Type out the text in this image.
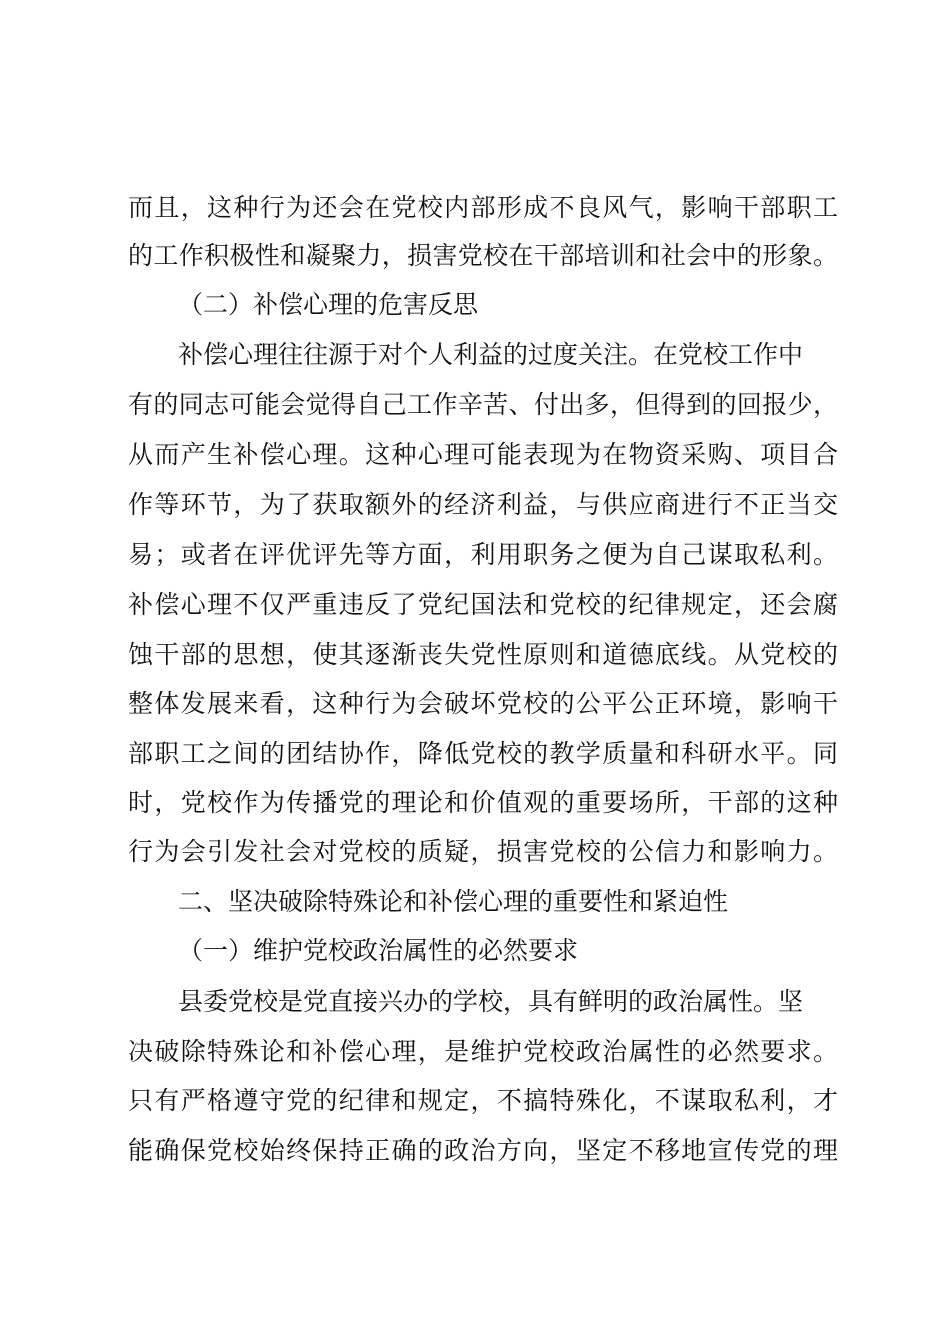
而且，这种行为还会在党校内部形成不良风气，影响干部职工
的工作积极性和凝聚力，损害党校在干部培训和社会中的形象。
（二）补偿心理的危害反思
补偿心理往往源于对个人利益的过度关注。在党校工作中
有的同志可能会觉得自己工作辛苦、付出多，但得到的回报少，
从而产生补偿心理。这种心理可能表现为在物资采购、项目合
作等环节，为了获取额外的经济利益，与供应商进行不正当交
易；或者在评优评先等方面，利用职务之便为自己谋取私利。
补偿心理不仅严重违反了党纪国法和党校的纪律规定，还会腐
蚀干部的思想，使其逐渐丧失党性原则和道德底线。从党校的
整体发展来看，这种行为会破坏党校的公平公正环境，影响干
部职工之间的团结协作，降低党校的教学质量和科研水平。同
时，党校作为传播党的理论和价值观的重要场所，干部的这种
行为会引发社会对党校的质疑，损害党校的公信力和影响力。
二、坚决破除特殊论和补偿心理的重要性和紧迫性
（一）维护党校政治属性的必然要求
县委党校是党直接兴办的学校，具有鲜明的政治属性。坚
决破除特殊论和补偿心理，是维护党校政治属性的必然要求。
只有严格遵守党的纪律和规定，不搞特殊化，不谋取私利，才
能确保党校始终保持正确的政治方向，坚定不移地宣传党的理
